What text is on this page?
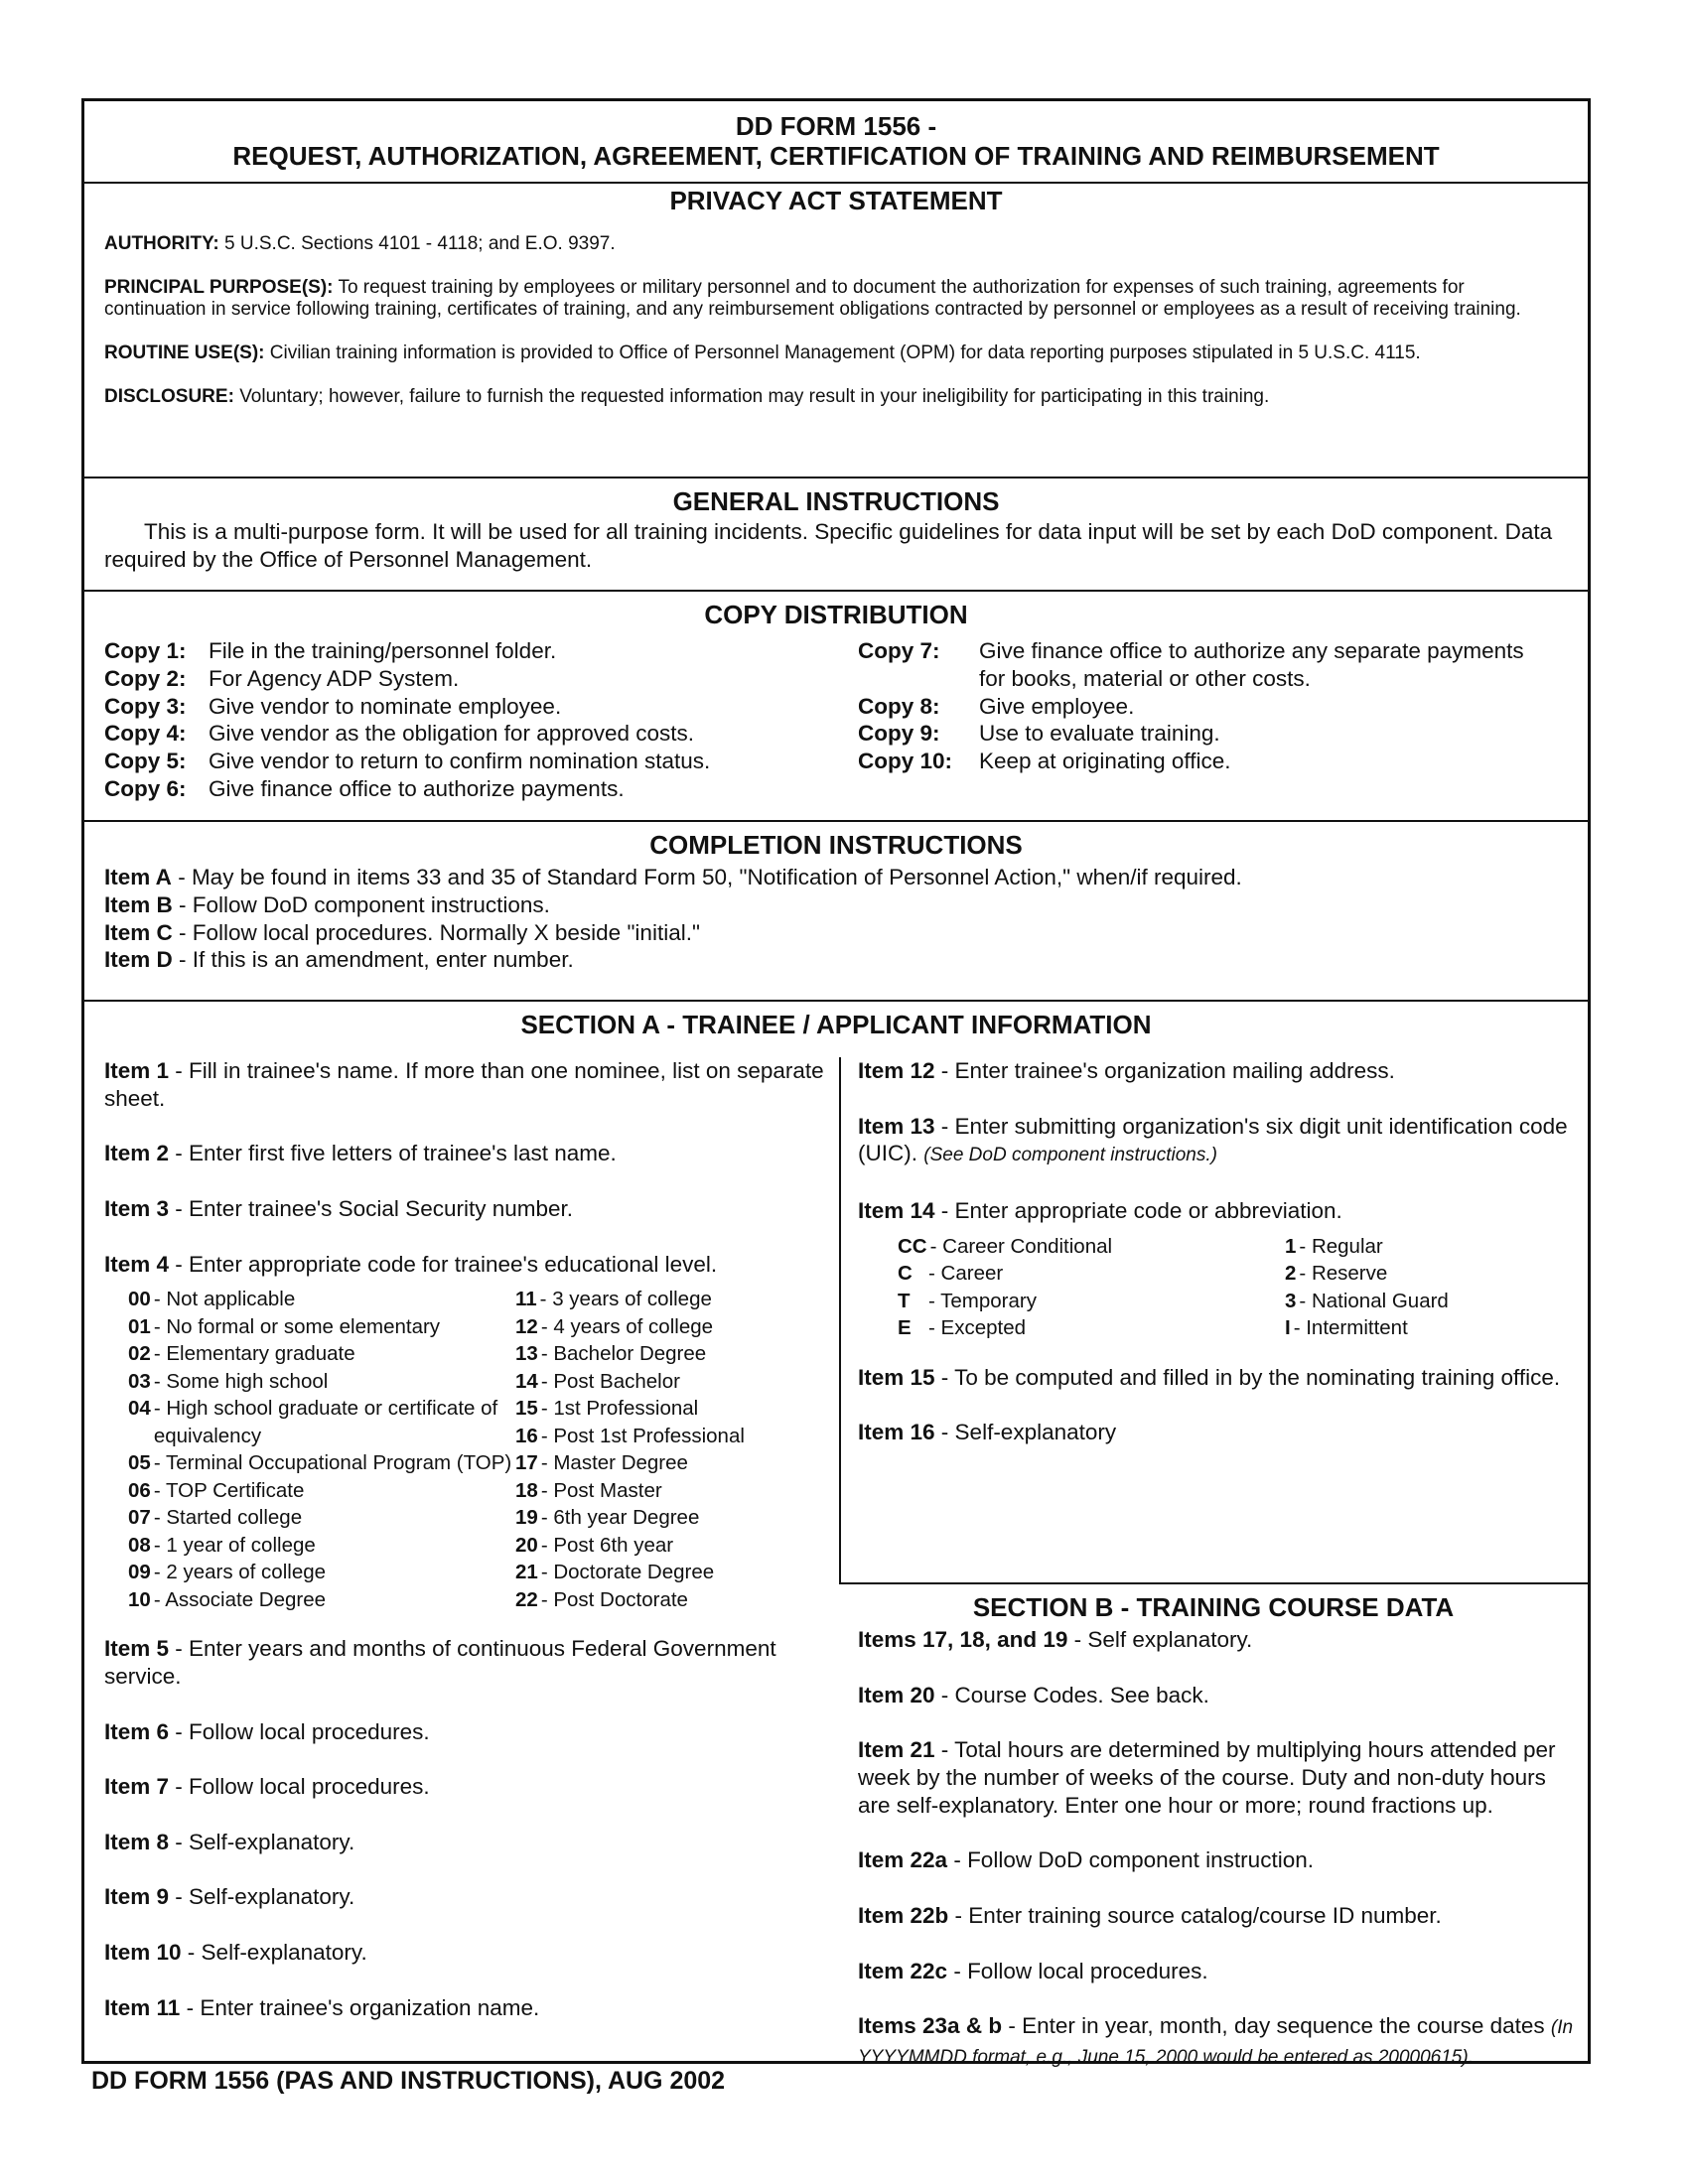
DD FORM 1556 -
REQUEST, AUTHORIZATION, AGREEMENT, CERTIFICATION OF TRAINING AND REIMBURSEMENT
PRIVACY ACT STATEMENT

AUTHORITY: 5 U.S.C. Sections 4101 - 4118; and E.O. 9397.

PRINCIPAL PURPOSE(S): To request training by employees or military personnel and to document the authorization for expenses of such training, agreements for continuation in service following training, certificates of training, and any reimbursement obligations contracted by personnel or employees as a result of receiving training.

ROUTINE USE(S): Civilian training information is provided to Office of Personnel Management (OPM) for data reporting purposes stipulated in 5 U.S.C. 4115.

DISCLOSURE: Voluntary; however, failure to furnish the requested information may result in your ineligibility for participating in this training.

GENERAL INSTRUCTIONS

This is a multi-purpose form. It will be used for all training incidents. Specific guidelines for data input will be set by each DoD component. Data required by the Office of Personnel Management.

COPY DISTRIBUTION
Copy 1: File in the training/personnel folder.
Copy 2: For Agency ADP System.
Copy 3: Give vendor to nominate employee.
Copy 4: Give vendor as the obligation for approved costs.
Copy 5: Give vendor to return to confirm nomination status.
Copy 6: Give finance office to authorize payments.
Copy 7:	Give finance office to authorize any separate payments for books, material or other costs.
Copy 8:	Give employee.
Copy 9:	Use to evaluate training.
Copy 10:	Keep at originating office.
COMPLETION INSTRUCTIONS
Item A - May be found in items 33 and 35 of Standard Form 50, "Notification of Personnel Action," when/if required.
Item B - Follow DoD component instructions.
Item C - Follow local procedures. Normally X beside "initial."
Item D - If this is an amendment, enter number.
SECTION A - TRAINEE / APPLICANT INFORMATION
Item 1 - Fill in trainee's name. If more than one nominee, list on separate sheet.
Item 2 - Enter first five letters of trainee's last name.
Item 3 - Enter trainee's Social Security number.
Item 4 - Enter appropriate code for trainee's educational level.
00 - Not applicable
01 - No formal or some elementary
02 - Elementary graduate
03 - Some high school
04 - High school graduate or certificate of equivalency
05 - Terminal Occupational Program (TOP)
06 - TOP Certificate
07 - Started college
08 - 1 year of college
09 - 2 years of college
10 - Associate Degree
11 - 3 years of college
12 - 4 years of college
13 - Bachelor Degree
14 - Post Bachelor
15 - 1st Professional
16 - Post 1st Professional
17 - Master Degree
18 - Post Master
19 - 6th year Degree
20 - Post 6th year
21 - Doctorate Degree
22 - Post Doctorate
Item 5 - Enter years and months of continuous Federal Government service.
Item 6 - Follow local procedures.
Item 7 - Follow local procedures.
Item 8 - Self-explanatory.
Item 9 - Self-explanatory.
Item 10 - Self-explanatory.
Item 11 - Enter trainee's organization name.
Item 12 - Enter trainee's organization mailing address.
Item 13 - Enter submitting organization's six digit unit identification code (UIC). (See DoD component instructions.)
Item 14 - Enter appropriate code or abbreviation.
CC - Career Conditional
C - Career
T - Temporary
E - Excepted
1 - Regular
2 - Reserve
3 - National Guard
I - Intermittent
Item 15 - To be computed and filled in by the nominating training office.
Item 16 - Self-explanatory
SECTION B - TRAINING COURSE DATA
Items 17, 18, and 19 - Self explanatory.
Item 20 - Course Codes. See back.
Item 21 - Total hours are determined by multiplying hours attended per week by the number of weeks of the course. Duty and non-duty hours are self-explanatory. Enter one hour or more; round fractions up.
Item 22a - Follow DoD component instruction.
Item 22b - Enter training source catalog/course ID number.
Item 22c - Follow local procedures.
Items 23a & b - Enter in year, month, day sequence the course dates (In YYYYMMDD format, e.g., June 15, 2000 would be entered as 20000615).
DD FORM 1556 (PAS AND INSTRUCTIONS), AUG 2002
